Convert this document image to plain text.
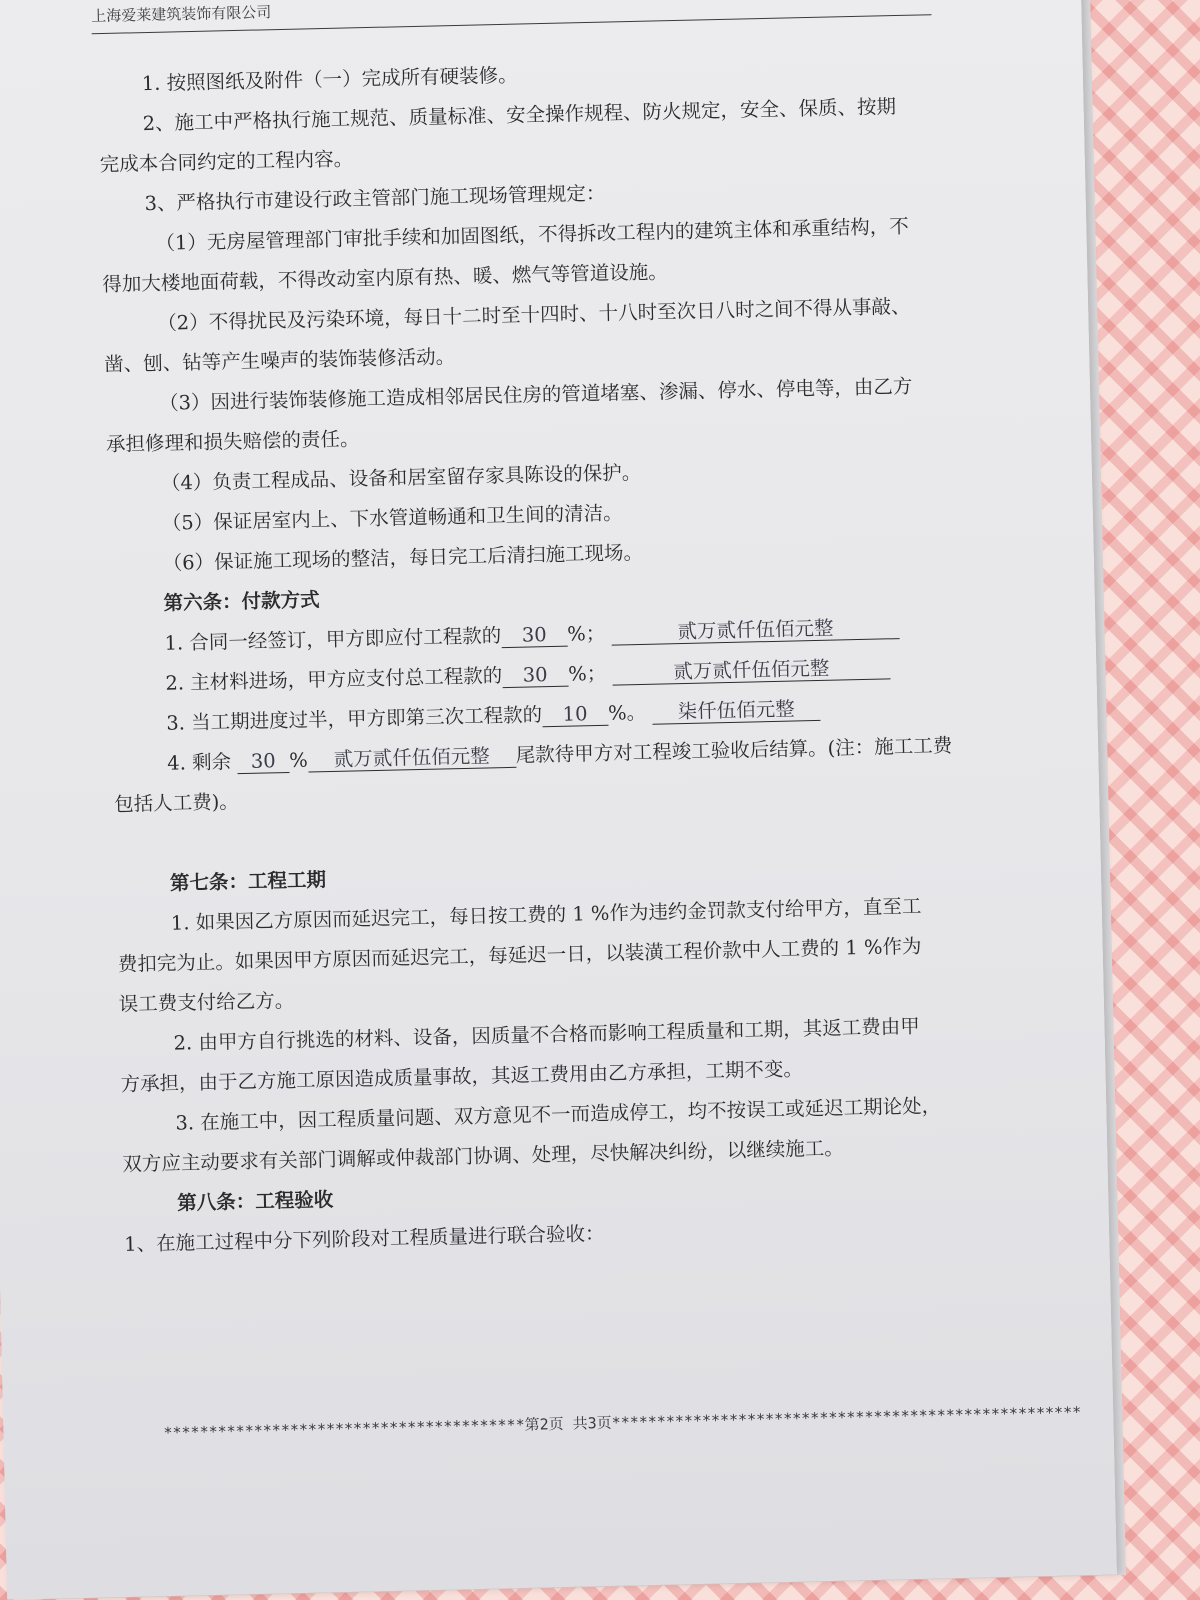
上海爱莱建筑装饰有限公司

1. 按照图纸及附件（一）完成所有硬装修。

2、施工中严格执行施工规范、质量标准、安全操作规程、防火规定，安全、保质、按期

完成本合同约定的工程内容。

3、严格执行市建设行政主管部门施工现场管理规定：

（1）无房屋管理部门审批手续和加固图纸，不得拆改工程内的建筑主体和承重结构，不

得加大楼地面荷载，不得改动室内原有热、暖、燃气等管道设施。

（2）不得扰民及污染环境，每日十二时至十四时、十八时至次日八时之间不得从事敲、

凿、刨、钻等产生噪声的装饰装修活动。

（3）因进行装饰装修施工造成相邻居民住房的管道堵塞、渗漏、停水、停电等，由乙方

承担修理和损失赔偿的责任。

（4）负责工程成品、设备和居室留存家具陈设的保护。

（5）保证居室内上、下水管道畅通和卫生间的清洁。

（6）保证施工现场的整洁，每日完工后清扫施工现场。

第六条：付款方式

1. 合同一经签订，甲方即应付工程款的 30 %；	贰万贰仟伍佰元整

2. 主材料进场，甲方应支付总工程款的 30 %；	贰万贰仟伍佰元整

3. 当工期进度过半，甲方即第三次工程款的 10 %。 柒仟伍佰元整

4. 剩余 30 % 贰万贰仟伍佰元整 尾款待甲方对工程竣工验收后结算。(注：施工工费

包括人工费)。

第七条：工程工期

1. 如果因乙方原因而延迟完工，每日按工费的 1 %作为违约金罚款支付给甲方，直至工

费扣完为止。如果因甲方原因而延迟完工，每延迟一日，以装潢工程价款中人工费的 1 %作为

误工费支付给乙方。

2. 由甲方自行挑选的材料、设备，因质量不合格而影响工程质量和工期，其返工费由甲

方承担，由于乙方施工原因造成质量事故，其返工费用由乙方承担，工期不变。

3. 在施工中，因工程质量问题、双方意见不一而造成停工，均不按误工或延迟工期论处，

双方应主动要求有关部门调解或仲裁部门协调、处理，尽快解决纠纷，以继续施工。

第八条：工程验收

1、在施工过程中分下列阶段对工程质量进行联合验收：

****************************************第2页 共3页****************************************************
